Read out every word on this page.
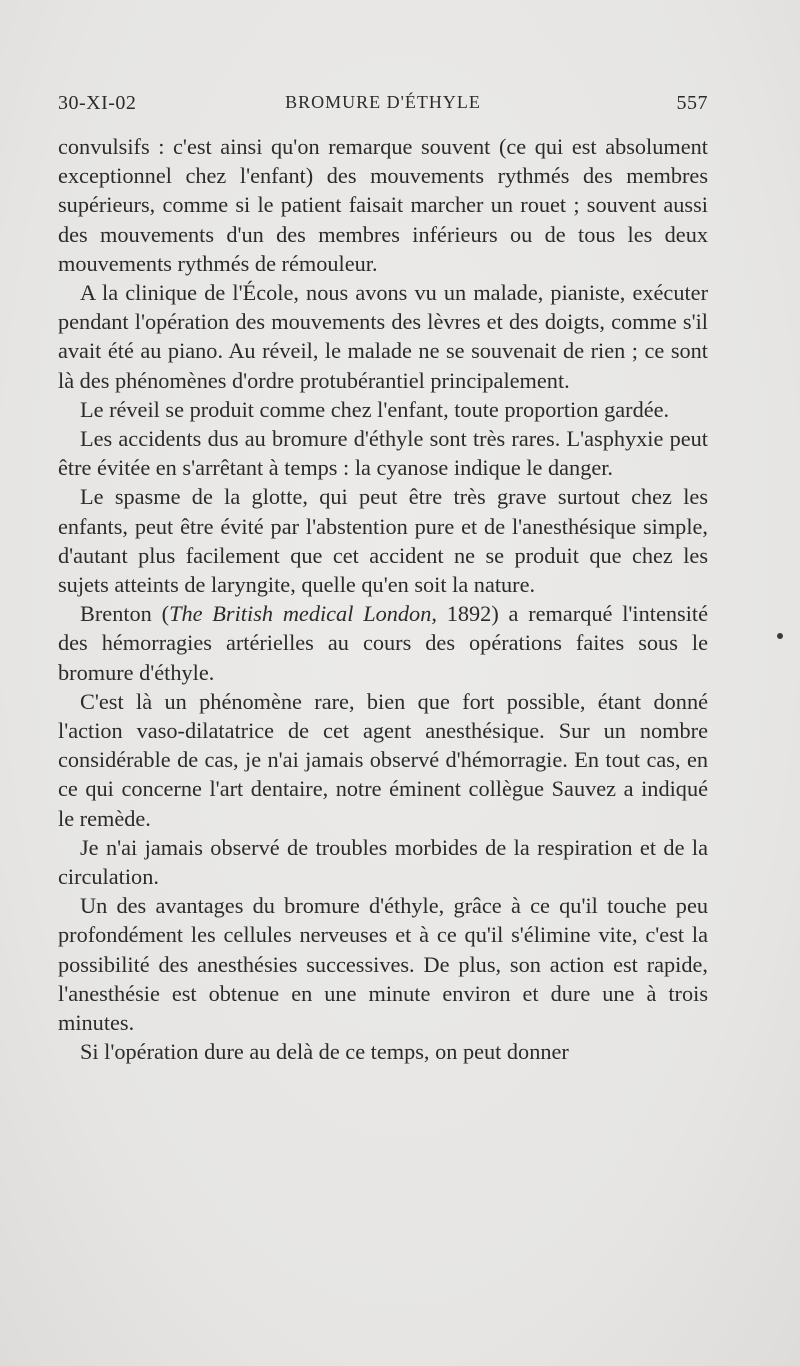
30-XI-02	BROMURE D'ÉTHYLE	557

convulsifs : c'est ainsi qu'on remarque souvent (ce qui est absolument exceptionnel chez l'enfant) des mouvements rythmés des membres supérieurs, comme si le patient faisait marcher un rouet ; souvent aussi des mouvements d'un des membres inférieurs ou de tous les deux mouvements rythmés de rémouleur.

A la clinique de l'École, nous avons vu un malade, pianiste, exécuter pendant l'opération des mouvements des lèvres et des doigts, comme s'il avait été au piano. Au réveil, le malade ne se souvenait de rien ; ce sont là des phénomènes d'ordre protubérantiel principalement.

Le réveil se produit comme chez l'enfant, toute proportion gardée.

Les accidents dus au bromure d'éthyle sont très rares. L'asphyxie peut être évitée en s'arrêtant à temps : la cyanose indique le danger.

Le spasme de la glotte, qui peut être très grave surtout chez les enfants, peut être évité par l'abstention pure et de l'anesthésique simple, d'autant plus facilement que cet accident ne se produit que chez les sujets atteints de laryngite, quelle qu'en soit la nature.

Brenton (The British medical London, 1892) a remarqué l'intensité des hémorragies artérielles au cours des opérations faites sous le bromure d'éthyle.

C'est là un phénomène rare, bien que fort possible, étant donné l'action vaso-dilatatrice de cet agent anesthésique. Sur un nombre considérable de cas, je n'ai jamais observé d'hémorragie. En tout cas, en ce qui concerne l'art dentaire, notre éminent collègue Sauvez a indiqué le remède.

Je n'ai jamais observé de troubles morbides de la respiration et de la circulation.

Un des avantages du bromure d'éthyle, grâce à ce qu'il touche peu profondément les cellules nerveuses et à ce qu'il s'élimine vite, c'est la possibilité des anesthésies successives. De plus, son action est rapide, l'anesthésie est obtenue en une minute environ et dure une à trois minutes.

Si l'opération dure au delà de ce temps, on peut donner
